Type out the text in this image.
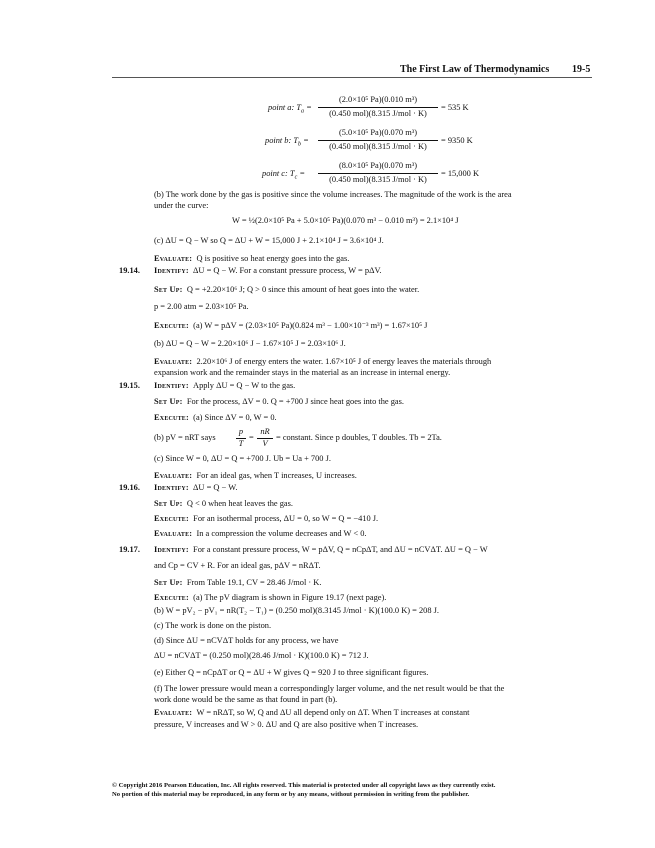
The First Law of Thermodynamics 19-5
point a: $T_a$ =
(2.0×10⁵ Pa)(0.010 m³)
(0.450 mol)(8.315 J/mol · K)
= 535 K
point b: $T_b$ =
(5.0×10⁵ Pa)(0.070 m³)
(0.450 mol)(8.315 J/mol · K)
= 9350 K
point c: $T_c$ =
(8.0×10⁵ Pa)(0.070 m³)
(0.450 mol)(8.315 J/mol · K)
= 15,000 K
(b) The work done by the gas is positive since the volume increases. The magnitude of the work is the area
under the curve:
W = ½(2.0×10⁵ Pa + 5.0×10⁵ Pa)(0.070 m³ − 0.010 m³) = 2.1×10⁴ J
(c) ΔU = Q − W so Q = ΔU + W = 15,000 J + 2.1×10⁴ J = 3.6×10⁴ J.
Evaluate: Q is positive so heat energy goes into the gas.
19.14. Identify: ΔU = Q − W. For a constant pressure process, W = pΔV.
Set Up: Q = +2.20×10⁶ J; Q > 0 since this amount of heat goes into the water.
p = 2.00 atm = 2.03×10⁵ Pa.
Execute: (a) W = pΔV = (2.03×10⁵ Pa)(0.824 m³ − 1.00×10⁻³ m³) = 1.67×10⁵ J
(b) ΔU = Q − W = 2.20×10⁶ J − 1.67×10⁵ J = 2.03×10⁶ J.
Evaluate: 2.20×10⁶ J of energy enters the water. 1.67×10⁵ J of energy leaves the materials through
expansion work and the remainder stays in the material as an increase in internal energy.
19.15. Identify: Apply ΔU = Q − W to the gas.
Set Up: For the process, ΔV = 0. Q = +700 J since heat goes into the gas.
Execute: (a) Since ΔV = 0, W = 0.
(b) pV = nRT says
p
T
=
nR
V
= constant. Since p doubles, T doubles. Tb = 2Ta.
(c) Since W = 0, ΔU = Q = +700 J. Ub = Ua + 700 J.
Evaluate: For an ideal gas, when T increases, U increases.
19.16. Identify: ΔU = Q − W.
Set Up: Q < 0 when heat leaves the gas.
Execute: For an isothermal process, ΔU = 0, so W = Q = −410 J.
Evaluate: In a compression the volume decreases and W < 0.
19.17. Identify: For a constant pressure process, W = pΔV, Q = nCpΔT, and ΔU = nCVΔT. ΔU = Q − W
and Cp = CV + R. For an ideal gas, pΔV = nRΔT.
Set Up: From Table 19.1, CV = 28.46 J/mol · K.
Execute: (a) The pV diagram is shown in Figure 19.17 (next page).
(b) W = pV₂ − pV₁ = nR(T₂ − T₁) = (0.250 mol)(8.3145 J/mol · K)(100.0 K) = 208 J.
(c) The work is done on the piston.
(d) Since ΔU = nCVΔT holds for any process, we have
ΔU = nCVΔT = (0.250 mol)(28.46 J/mol · K)(100.0 K) = 712 J.
(e) Either Q = nCpΔT or Q = ΔU + W gives Q = 920 J to three significant figures.
(f) The lower pressure would mean a correspondingly larger volume, and the net result would be that the
work done would be the same as that found in part (b).
Evaluate: W = nRΔT, so W, Q and ΔU all depend only on ΔT. When T increases at constant
pressure, V increases and W > 0. ΔU and Q are also positive when T increases.
© Copyright 2016 Pearson Education, Inc. All rights reserved. This material is protected under all copyright laws as they currently exist.
No portion of this material may be reproduced, in any form or by any means, without permission in writing from the publisher.
